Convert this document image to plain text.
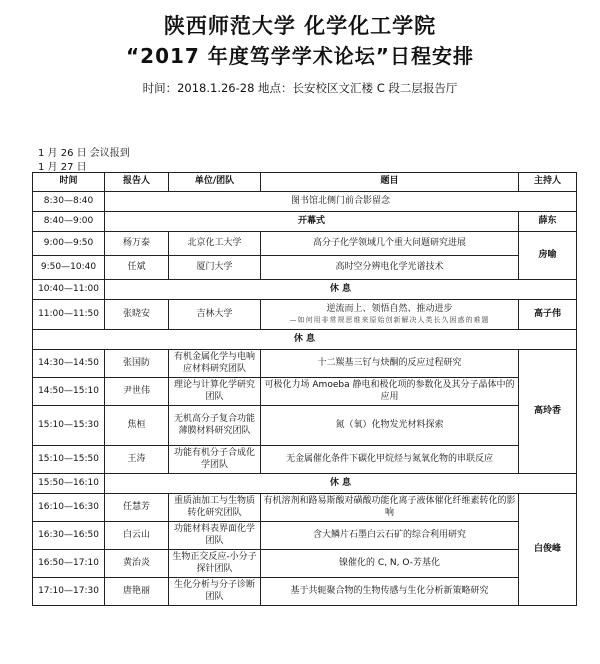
陕西师范大学 化学化工学院
“2017 年度笃学学术论坛”日程安排
时间：2018.1.26-28 地点：长安校区文汇楼 C 段二层报告厅
1 月 26 日 会议报到
1 月 27 日
时间	报告人	单位/团队	题目	主持人
8:30—8:40	图书馆北侧门前合影留念			
8:40—9:00	开幕式			薛东
9:00—9:50	杨万泰	北京化工大学	高分子化学领域几个重大问题研究进展	房喻
9:50—10:40	任斌	厦门大学	高时空分辨电化学光谱技术	
10:40—11:00	休 息			
11:00—11:50	张晓安	吉林大学	逆流而上、领悟自然、推动进步
—如何用非常规思维来原始创新解决人类长久困惑的难题	高子伟
休 息				
14:30—14:50	张国防	有机金属化学与电响应材料研究团队	十二羰基三钌与炔酮的反应过程研究	高玲香
14:50—15:10	尹世伟	理论与计算化学研究团队	可极化力场 Amoeba 静电和极化项的参数化及其分子晶体中的应用	
15:10—15:30	焦桓	无机高分子复合功能薄膜材料研究团队	氮（氧）化物发光材料探索	
15:10—15:50	王涛	功能有机分子合成化学团队	无金属催化条件下碳化甲烷烃与氮氧化物的串联反应	
15:50—16:10	休 息			
16:10—16:30	任慧芳	重质油加工与生物质转化研究团队	有机溶剂和路易斯酸对磺酸功能化离子液体催化纤维素转化的影响	白俊峰
16:30—16:50	白云山	功能材料表界面化学团队	含大鳞片石墨白云石矿的综合利用研究	
16:50—17:10	黄治炎	生物正交反应-小分子探针团队	镍催化的 C, N, O-芳基化	
17:10—17:30	唐艳丽	生化分析与分子诊断团队	基于共轭聚合物的生物传感与生化分析新策略研究	
